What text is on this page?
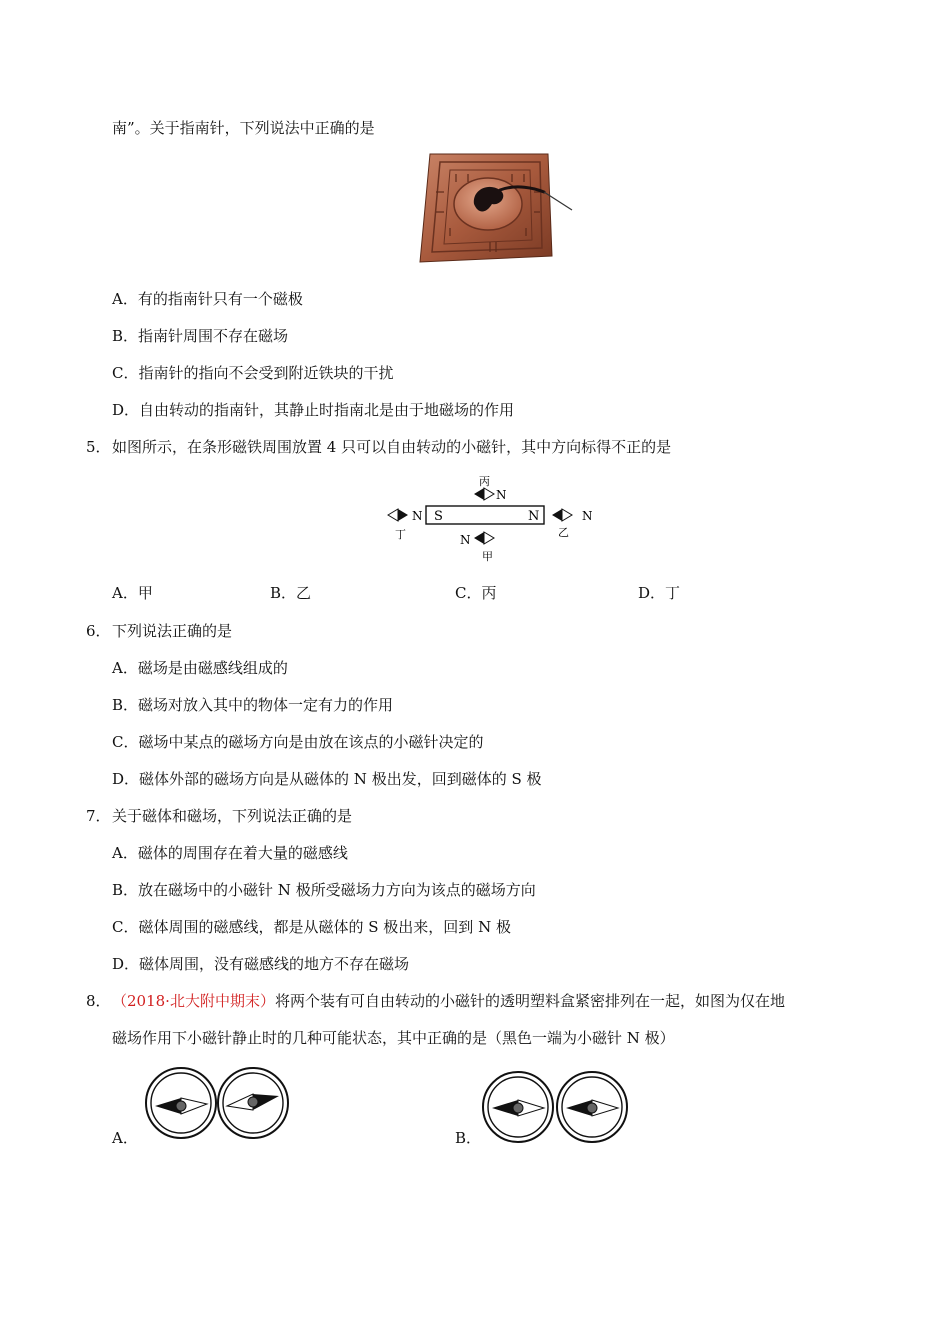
南”。关于指南针，下列说法中正确的是
A．有的指南针只有一个磁极
B．指南针周围不存在磁场
C．指南针的指向不会受到附近铁块的干扰
D．自由转动的指南针，其静止时指南北是由于地磁场的作用
5． 如图所示，在条形磁铁周围放置 4 只可以自由转动的小磁针，其中方向标得不正的是
S	N
丙
N
N
乙
N
丁	N
甲
A．甲	B．乙	C．丙	D．丁
6． 下列说法正确的是
A．磁场是由磁感线组成的
B．磁场对放入其中的物体一定有力的作用
C．磁场中某点的磁场方向是由放在该点的小磁针决定的
D．磁体外部的磁场方向是从磁体的 N 极出发，回到磁体的 S 极
7． 关于磁体和磁场，下列说法正确的是
A．磁体的周围存在着大量的磁感线
B．放在磁场中的小磁针 N 极所受磁场力方向为该点的磁场方向
C．磁体周围的磁感线，都是从磁体的 S 极出来，回到 N 极
D．磁体周围，没有磁感线的地方不存在磁场
8． （2018·北大附中期末）将两个装有可自由转动的小磁针的透明塑料盒紧密排列在一起，如图为仅在地
磁场作用下小磁针静止时的几种可能状态，其中正确的是（黑色一端为小磁针 N 极）
A．	B．
